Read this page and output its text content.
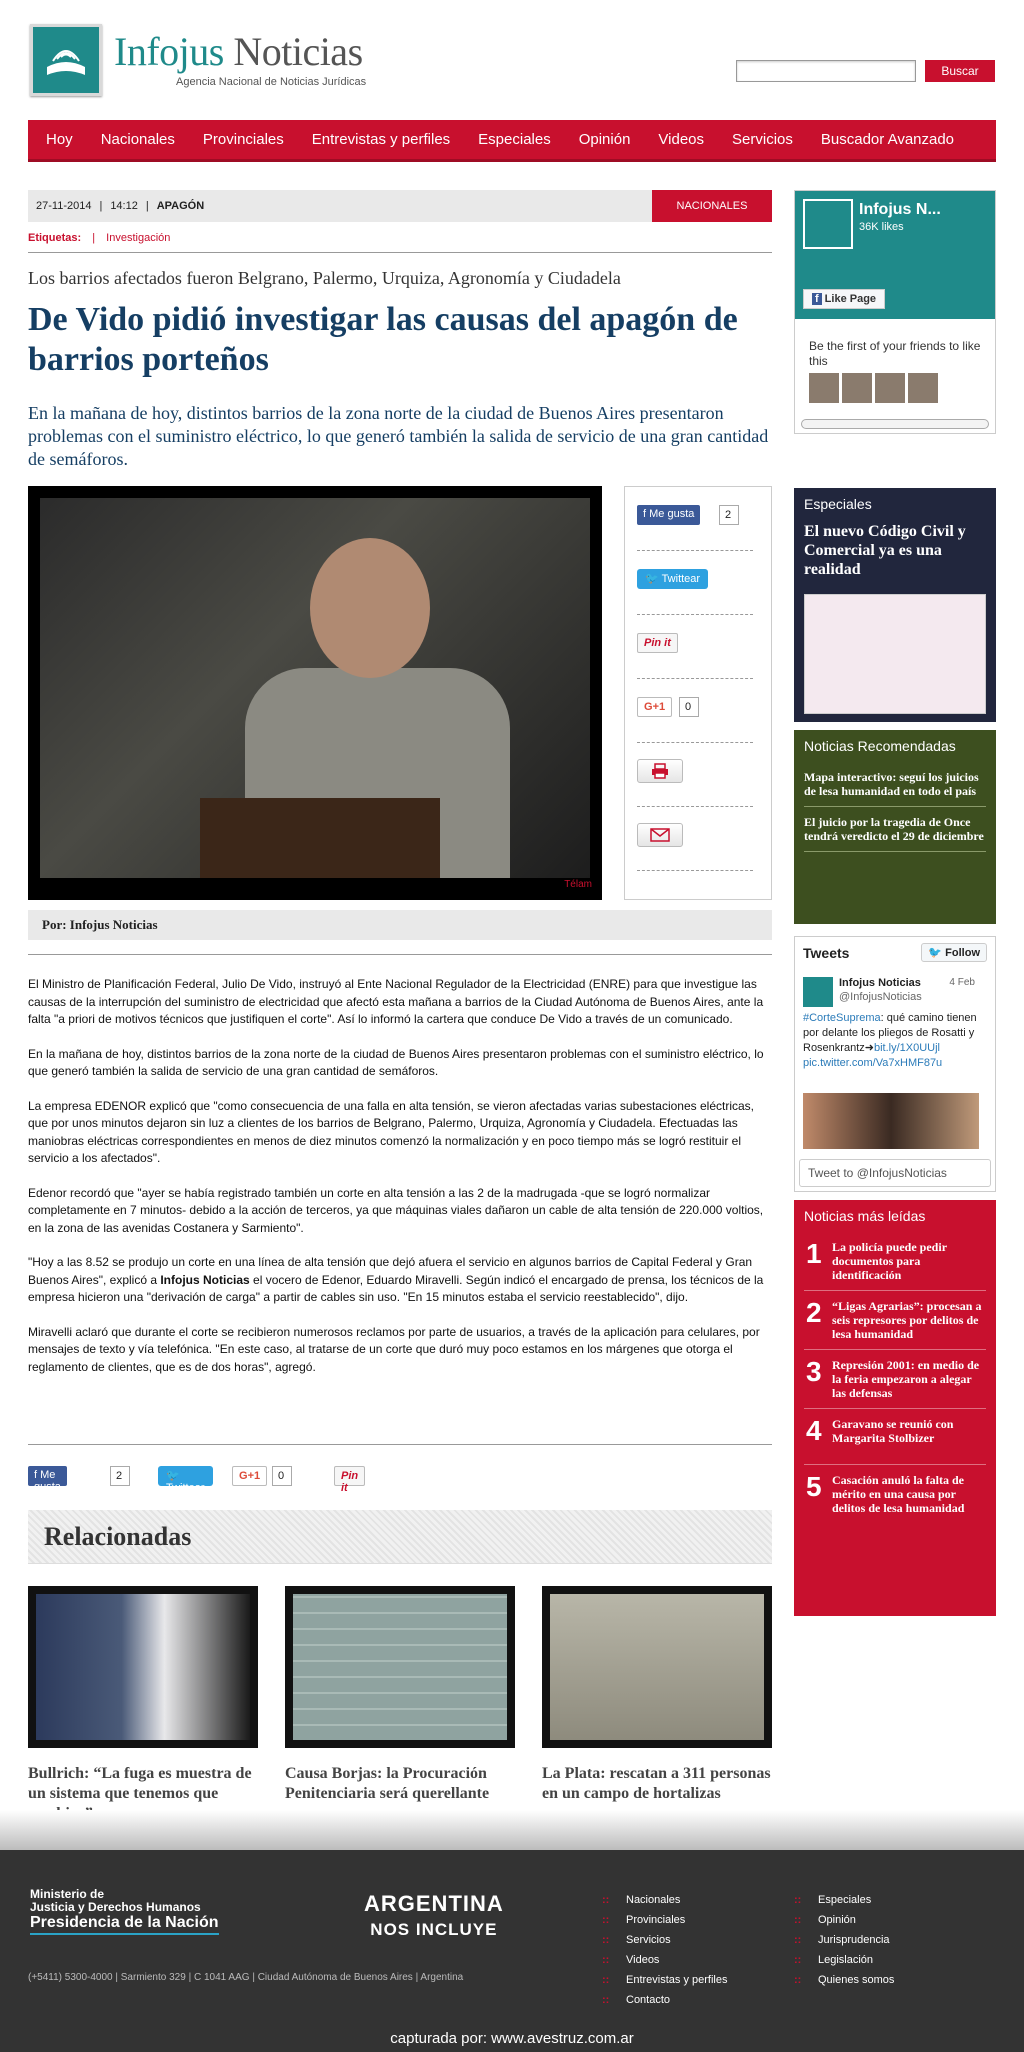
Infojus Noticias
Agencia Nacional de Noticias Jurídicas
Buscar
Hoy	Nacionales	Provinciales	Entrevistas y perfiles	Especiales	Opinión	Videos	Servicios	Buscador Avanzado
27-11-2014 | 14:12 | APAGÓN	NACIONALES
Etiquetas: | Investigación
Los barrios afectados fueron Belgrano, Palermo, Urquiza, Agronomía y Ciudadela
De Vido pidió investigar las causas del apagón de barrios porteños
En la mañana de hoy, distintos barrios de la zona norte de la ciudad de Buenos Aires presentaron problemas con el suministro eléctrico, lo que generó también la salida de servicio de una gran cantidad de semáforos.
Télam
f Me gusta	2
🐦 Twittear
Pin it
G+1	0
Por: Infojus Noticias

El Ministro de Planificación Federal, Julio De Vido, instruyó al Ente Nacional Regulador de la Electricidad (ENRE) para que investigue las causas de la interrupción del suministro de electricidad que afectó esta mañana a barrios de la Ciudad Autónoma de Buenos Aires, ante la falta "a priori de motivos técnicos que justifiquen el corte". Así lo informó la cartera que conduce De Vido a través de un comunicado.

En la mañana de hoy, distintos barrios de la zona norte de la ciudad de Buenos Aires presentaron problemas con el suministro eléctrico, lo que generó también la salida de servicio de una gran cantidad de semáforos.

La empresa EDENOR explicó que "como consecuencia de una falla en alta tensión, se vieron afectadas varias subestaciones eléctricas, que por unos minutos dejaron sin luz a clientes de los barrios de Belgrano, Palermo, Urquiza, Agronomía y Ciudadela. Efectuadas las maniobras eléctricas correspondientes en menos de diez minutos comenzó la normalización y en poco tiempo más se logró restituir el servicio a los afectados".

Edenor recordó que "ayer se había registrado también un corte en alta tensión a las 2 de la madrugada -que se logró normalizar completamente en 7 minutos- debido a la acción de terceros, ya que máquinas viales dañaron un cable de alta tensión de 220.000 voltios, en la zona de las avenidas Costanera y Sarmiento".

"Hoy a las 8.52 se produjo un corte en una línea de alta tensión que dejó afuera el servicio en algunos barrios de Capital Federal y Gran Buenos Aires", explicó a Infojus Noticias el vocero de Edenor, Eduardo Miravelli. Según indicó el encargado de prensa, los técnicos de la empresa hicieron una "derivación de carga" a partir de cables sin uso. "En 15 minutos estaba el servicio reestablecido", dijo.

Miravelli aclaró que durante el corte se recibieron numerosos reclamos por parte de usuarios, a través de la aplicación para celulares, por mensajes de texto y vía telefónica. "En este caso, al tratarse de un corte que duró muy poco estamos en los márgenes que otorga el reglamento de clientes, que es de dos horas", agregó.

f Me gusta
2	🐦 Twittear
G+1	0	Pin it
Relacionadas
Bullrich: “La fuga es muestra de un sistema que tenemos que
Causa Borjas: la Procuración Penitenciaria será querellante
La Plata: rescatan a 311 personas en un campo de hortalizas
Infojus N...
36K likes
f Like Page
Be the first of your friends to like this
Especiales
El nuevo Código Civil y Comercial ya es una realidad
Noticias Recomendadas
Mapa interactivo: seguí los juicios de lesa humanidad en todo el país
El juicio por la tragedia de Once tendrá veredicto el 29 de diciembre
Tweets	🐦 Follow
Infojus Noticias
@InfojusNoticias
4 Feb
#CorteSuprema: qué camino tienen por delante los pliegos de Rosatti y Rosenkrantz➜bit.ly/1X0UUjl
pic.twitter.com/Va7xHMF87u
Tweet to @InfojusNoticias
Noticias más leídas
1 La policía puede pedir documentos para identificación
2 “Ligas Agrarias”: procesan a seis represores por delitos de lesa humanidad
3 Represión 2001: en medio de la feria empezaron a alegar las defensas
4 Garavano se reunió con Margarita Stolbizer
5 Casación anuló la falta de mérito en una causa por delitos de lesa humanidad
Ministerio de
Justicia y Derechos Humanos
Presidencia de la Nación
(+5411) 5300-4000 | Sarmiento 329 | C 1041 AAG | Ciudad Autónoma de Buenos Aires | Argentina
ARGENTINA
NOS INCLUYE
:: Nacionales
:: Provinciales
:: Servicios
:: Videos
:: Entrevistas y perfiles
:: Contacto
:: Especiales
:: Opinión
:: Jurisprudencia
:: Legislación
:: Quienes somos
capturada por: www.avestruz.com.ar
